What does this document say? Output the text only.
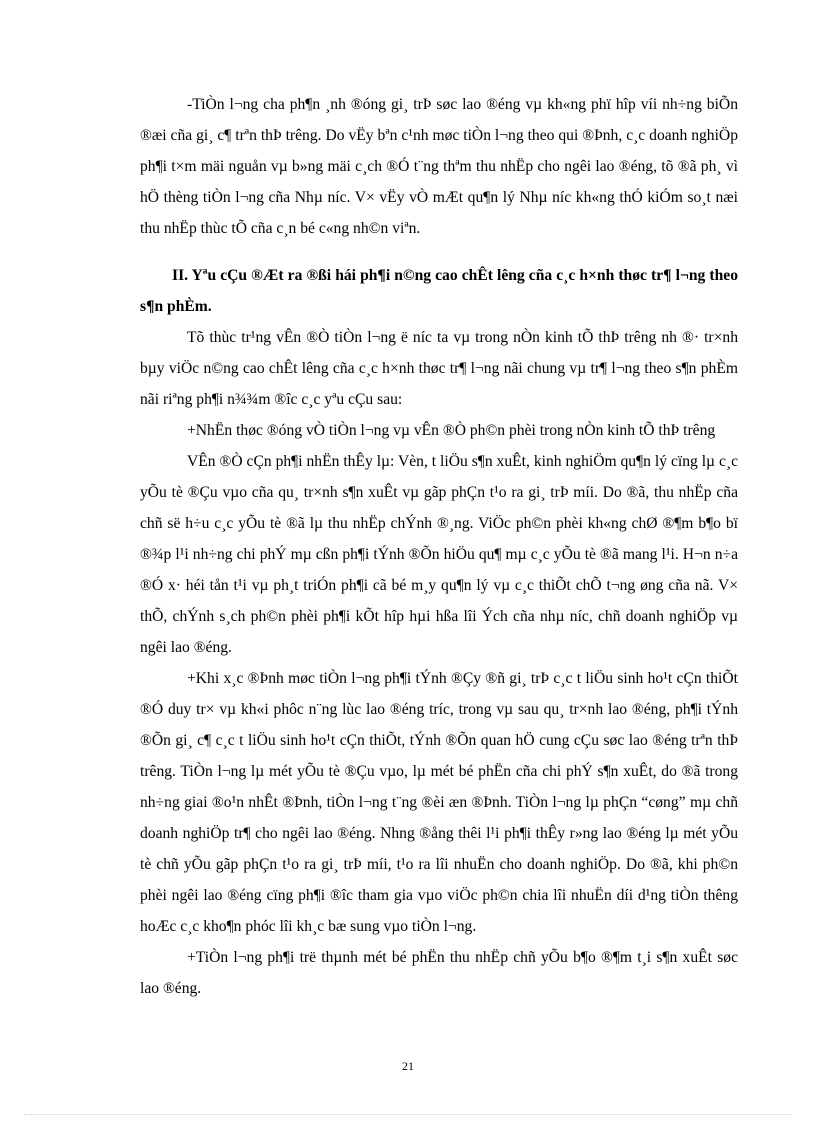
-TiÒn l¬ng cha ph¶n ¸nh ®óng gi¸ trÞ søc lao ®éng vµ kh«ng phï hîp víi nh÷ng biÕn ®æi cña gi¸ c¶ trªn thÞ trêng. Do vËy bªn c¹nh møc tiÒn l¬ng theo qui ®Þnh, c¸c doanh nghiÖp ph¶i t×m mäi nguån vµ b»ng mäi c¸ch ®Ó t¨ng thªm thu nhËp cho ngêi lao ®éng, tõ ®ã ph¸ vì hÖ thèng tiÒn l¬ng cña Nhµ níc. V× vËy vÒ mÆt qu¶n lý Nhµ níc kh«ng thÓ kiÓm so¸t næi thu nhËp thùc tÕ cña c¸n bé c«ng nh©n viªn.

II. Yªu cÇu ®Æt ra ®ßi hái ph¶i n©ng cao chÊt lêng cña c¸c h×nh thøc tr¶ l¬ng theo s¶n phÈm.

Tõ thùc tr¹ng vÊn ®Ò tiÒn l¬ng ë níc ta vµ trong nÒn kinh tÕ thÞ trêng nh ®· tr×nh bµy viÖc n©ng cao chÊt lêng cña c¸c h×nh thøc tr¶ l¬ng nãi chung vµ tr¶ l¬ng theo s¶n phÈm nãi riªng ph¶i n¾¾m ®îc c¸c yªu cÇu sau:

+NhËn thøc ®óng vÒ tiÒn l¬ng vµ vÊn ®Ò ph©n phèi trong nÒn kinh tÕ thÞ trêng

VÊn ®Ò cÇn ph¶i nhËn thÊy lµ: Vèn, t liÖu s¶n xuÊt, kinh nghiÖm qu¶n lý cïng lµ c¸c yÕu tè ®Çu vµo cña qu¸ tr×nh s¶n xuÊt vµ gãp phÇn t¹o ra gi¸ trÞ míi. Do ®ã, thu nhËp cña chñ së h÷u c¸c yÕu tè ®ã lµ thu nhËp chÝnh ®¸ng. ViÖc ph©n phèi kh«ng chØ ®¶m b¶o bï ®¾p l¹i nh÷ng chi phÝ mµ cßn ph¶i tÝnh ®Õn hiÖu qu¶ mµ c¸c yÕu tè ®ã mang l¹i. H¬n n÷a ®Ó x· héi tån t¹i vµ ph¸t triÓn ph¶i cã bé m¸y qu¶n lý vµ c¸c thiÕt chÕ t¬ng øng cña nã. V× thÕ, chÝnh s¸ch ph©n phèi ph¶i kÕt hîp hµi hßa lîi Ých cña nhµ níc, chñ doanh nghiÖp vµ ngêi lao ®éng.

+Khi x¸c ®Þnh møc tiÒn l¬ng ph¶i tÝnh ®Çy ®ñ gi¸ trÞ c¸c t liÖu sinh ho¹t cÇn thiÕt ®Ó duy tr× vµ kh«i phôc n¨ng lùc lao ®éng tríc, trong vµ sau qu¸ tr×nh lao ®éng, ph¶i tÝnh ®Õn gi¸ c¶ c¸c t liÖu sinh ho¹t cÇn thiÕt, tÝnh ®Õn quan hÖ cung cÇu søc lao ®éng trªn thÞ trêng. TiÒn l¬ng lµ mét yÕu tè ®Çu vµo, lµ mét bé phËn cña chi phÝ s¶n xuÊt, do ®ã trong nh÷ng giai ®o¹n nhÊt ®Þnh, tiÒn l¬ng t¨ng ®èi æn ®Þnh. TiÒn l¬ng lµ phÇn “cøng” mµ chñ doanh nghiÖp tr¶ cho ngêi lao ®éng. Nhng ®ång thêi l¹i ph¶i thÊy r»ng lao ®éng lµ mét yÕu tè chñ yÕu gãp phÇn t¹o ra gi¸ trÞ míi, t¹o ra lîi nhuËn cho doanh nghiÖp. Do ®ã, khi ph©n phèi ngêi lao ®éng cïng ph¶i ®îc tham gia vµo viÖc ph©n chia lîi nhuËn díi d¹ng tiÒn thêng hoÆc c¸c kho¶n phóc lîi kh¸c bæ sung vµo tiÒn l¬ng.

+TiÒn l¬ng ph¶i trë thµnh mét bé phËn thu nhËp chñ yÕu b¶o ®¶m t¸i s¶n xuÊt søc lao ®éng.

21
